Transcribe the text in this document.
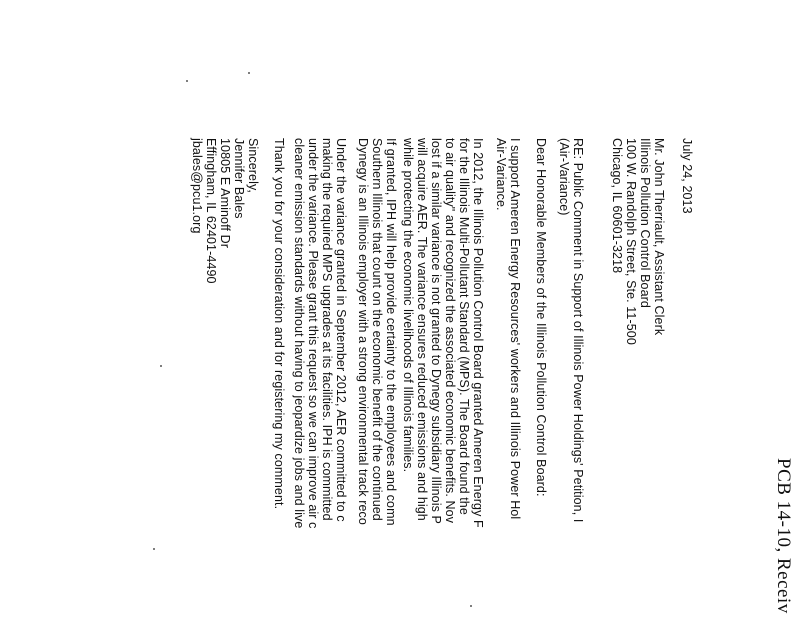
PCB 14-10, Receiv
July 24, 2013
Mr. John Therriault, Assistant Clerk
Illinois Pollution Control Board
100 W. Randolph Street, Ste. 11-500
Chicago, IL 60601-3218
RE: Public Comment in Support of Illinois Power Holdings' Petition, I
(Air-Variance)
Dear Honorable Members of the Illinois Pollution Control Board:
I support Ameren Energy Resources' workers and Illinois Power Hol
Air-Variance.
In 2012, the Illinois Pollution Control Board granted Ameren Energy F
for the Illinois Multi-Pollutant Standard (MPS). The Board found the
to air quality" and recognized the associated economic benefits. Nov
lost if a similar variance is not granted to Dynegy subsidiary Illinois P
will acquire AER. The variance ensures reduced emissions and high
while protecting the economic livelihoods of Illinois families.
If granted, IPH will help provide certainty to the employees and comn
Southern Illinois that count on the economic benefit of the continued
Dynegy is an Illinois employer with a strong environmental track reco
Under the variance granted in September 2012, AER committed to c
making the required MPS upgrades at its facilities. IPH is committed
under the variance. Please grant this request so we can improve air c
cleaner emission standards without having to jeopardize jobs and live
Thank you for your consideration and for registering my comment.
Sincerely,
Jennifer Bales
10805 E Aminoff Dr
Effingham, IL 62401-4490
jbales@pcu1.org
